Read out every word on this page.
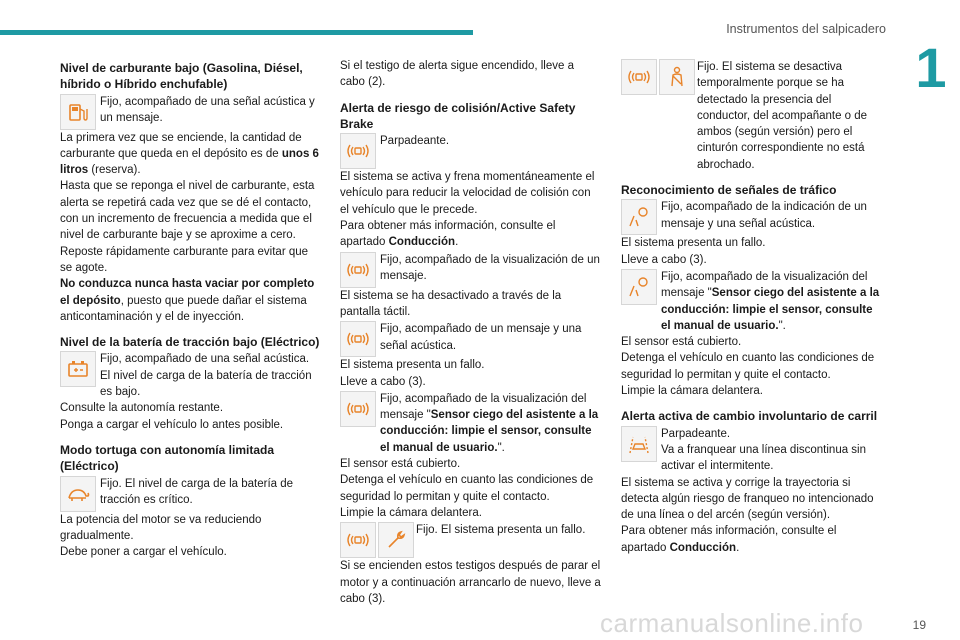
Instrumentos del salpicadero
1
Nivel de carburante bajo (Gasolina, Diésel, híbrido o Híbrido enchufable)
Fijo, acompañado de una señal acústica y un mensaje.

La primera vez que se enciende, la cantidad de carburante que queda en el depósito es de unos 6 litros (reserva).

Hasta que se reponga el nivel de carburante, esta alerta se repetirá cada vez que se dé el contacto, con un incremento de frecuencia a medida que el nivel de carburante baje y se aproxime a cero.

Reposte rápidamente carburante para evitar que se agote.

No conduzca nunca hasta vaciar por completo el depósito, puesto que puede dañar el sistema anticontaminación y el de inyección.

Nivel de la batería de tracción bajo (Eléctrico)
Fijo, acompañado de una señal acústica. El nivel de carga de la batería de tracción es bajo.

Consulte la autonomía restante.

Ponga a cargar el vehículo lo antes posible.

Modo tortuga con autonomía limitada (Eléctrico)
Fijo. El nivel de carga de la batería de tracción es crítico.

La potencia del motor se va reduciendo gradualmente.

Debe poner a cargar el vehículo.

Si el testigo de alerta sigue encendido, lleve a cabo (2).

Alerta de riesgo de colisión/Active Safety Brake
Parpadeante.

El sistema se activa y frena momentáneamente el vehículo para reducir la velocidad de colisión con el vehículo que le precede.

Para obtener más información, consulte el apartado Conducción.

Fijo, acompañado de la visualización de un mensaje.

El sistema se ha desactivado a través de la pantalla táctil.

Fijo, acompañado de un mensaje y una señal acústica.

El sistema presenta un fallo.

Lleve a cabo (3).

Fijo, acompañado de la visualización del mensaje "Sensor ciego del asistente a la conducción: limpie el sensor, consulte el manual de usuario.".

El sensor está cubierto.

Detenga el vehículo en cuanto las condiciones de seguridad lo permitan y quite el contacto.

Limpie la cámara delantera.

Fijo. El sistema presenta un fallo.

Si se encienden estos testigos después de parar el motor y a continuación arrancarlo de nuevo, lleve a cabo (3).

Fijo. El sistema se desactiva temporalmente porque se ha detectado la presencia del conductor, del acompañante o de ambos (según versión) pero el cinturón correspondiente no está abrochado.
Reconocimiento de señales de tráfico
Fijo, acompañado de la indicación de un mensaje y una señal acústica.

El sistema presenta un fallo.

Lleve a cabo (3).

Fijo, acompañado de la visualización del mensaje "Sensor ciego del asistente a la conducción: limpie el sensor, consulte el manual de usuario.".

El sensor está cubierto.

Detenga el vehículo en cuanto las condiciones de seguridad lo permitan y quite el contacto.

Limpie la cámara delantera.

Alerta activa de cambio involuntario de carril
Parpadeante.
Va a franquear una línea discontinua sin activar el intermitente.

El sistema se activa y corrige la trayectoria si detecta algún riesgo de franqueo no intencionado de una línea o del arcén (según versión).

Para obtener más información, consulte el apartado Conducción.

carmanualsonline.info	19
